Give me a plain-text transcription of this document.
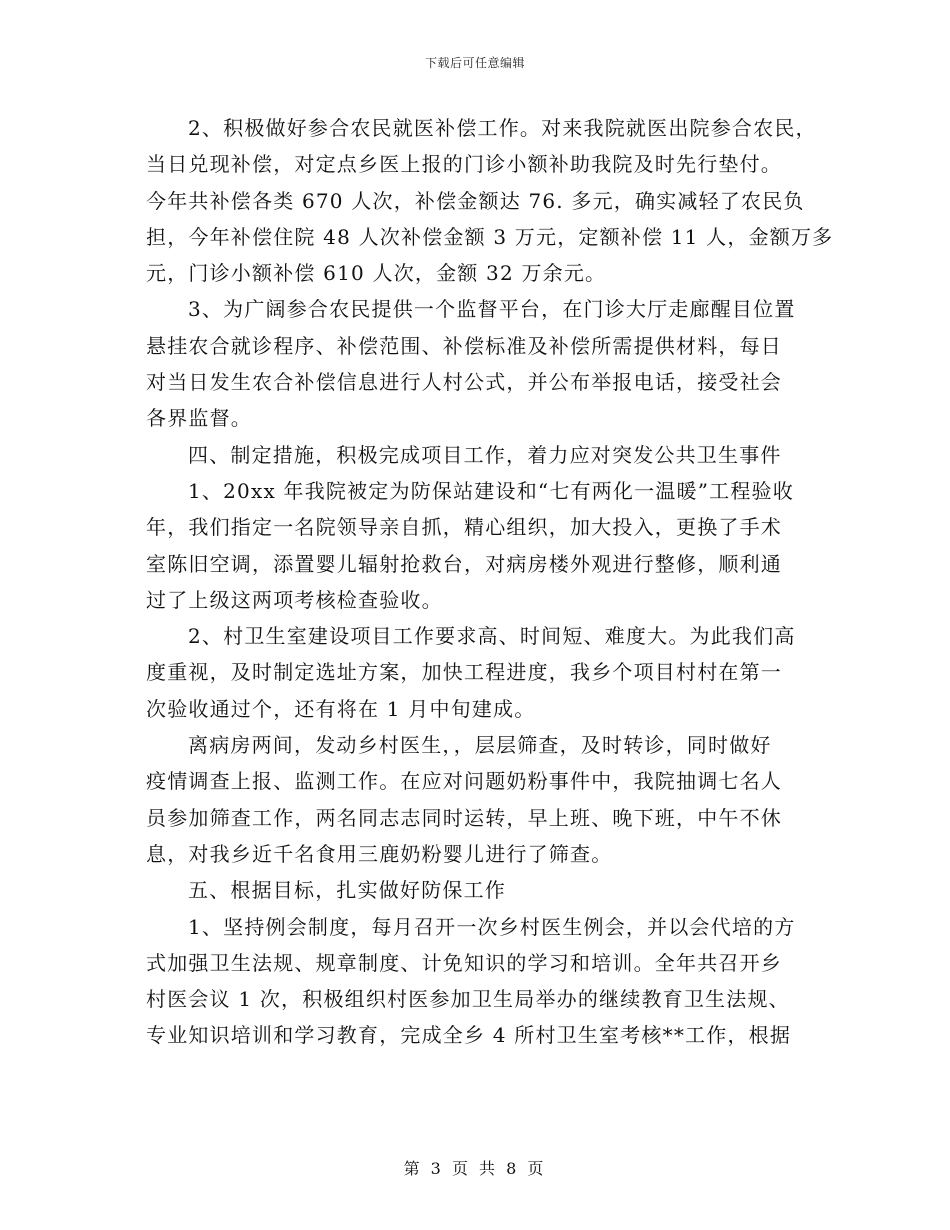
下载后可任意编辑
2、积极做好参合农民就医补偿工作。对来我院就医出院参合农民，
当日兑现补偿，对定点乡医上报的门诊小额补助我院及时先行垫付。
今年共补偿各类 670 人次，补偿金额达 76. 多元，确实减轻了农民负
担，今年补偿住院 48 人次补偿金额 3 万元，定额补偿 11 人，金额万多
元，门诊小额补偿 610 人次，金额 32 万余元。
3、为广阔参合农民提供一个监督平台，在门诊大厅走廊醒目位置
悬挂农合就诊程序、补偿范围、补偿标准及补偿所需提供材料，每日
对当日发生农合补偿信息进行人村公式，并公布举报电话，接受社会
各界监督。
四、制定措施，积极完成项目工作，着力应对突发公共卫生事件
1、20xx 年我院被定为防保站建设和“七有两化一温暖”工程验收
年，我们指定一名院领导亲自抓，精心组织，加大投入，更换了手术
室陈旧空调，添置婴儿辐射抢救台，对病房楼外观进行整修，顺利通
过了上级这两项考核检查验收。
2、村卫生室建设项目工作要求高、时间短、难度大。为此我们高
度重视，及时制定选址方案，加快工程进度，我乡个项目村村在第一
次验收通过个，还有将在 1 月中旬建成。
离病房两间，发动乡村医生，，层层筛查，及时转诊，同时做好
疫情调查上报、监测工作。在应对问题奶粉事件中，我院抽调七名人
员参加筛查工作，两名同志志同时运转，早上班、晚下班，中午不休
息，对我乡近千名食用三鹿奶粉婴儿进行了筛查。
五、根据目标，扎实做好防保工作
1、坚持例会制度，每月召开一次乡村医生例会，并以会代培的方
式加强卫生法规、规章制度、计免知识的学习和培训。全年共召开乡
村医会议 1 次，积极组织村医参加卫生局举办的继续教育卫生法规、
专业知识培训和学习教育，完成全乡 4 所村卫生室考核**工作，根据
第 3 页 共 8 页
